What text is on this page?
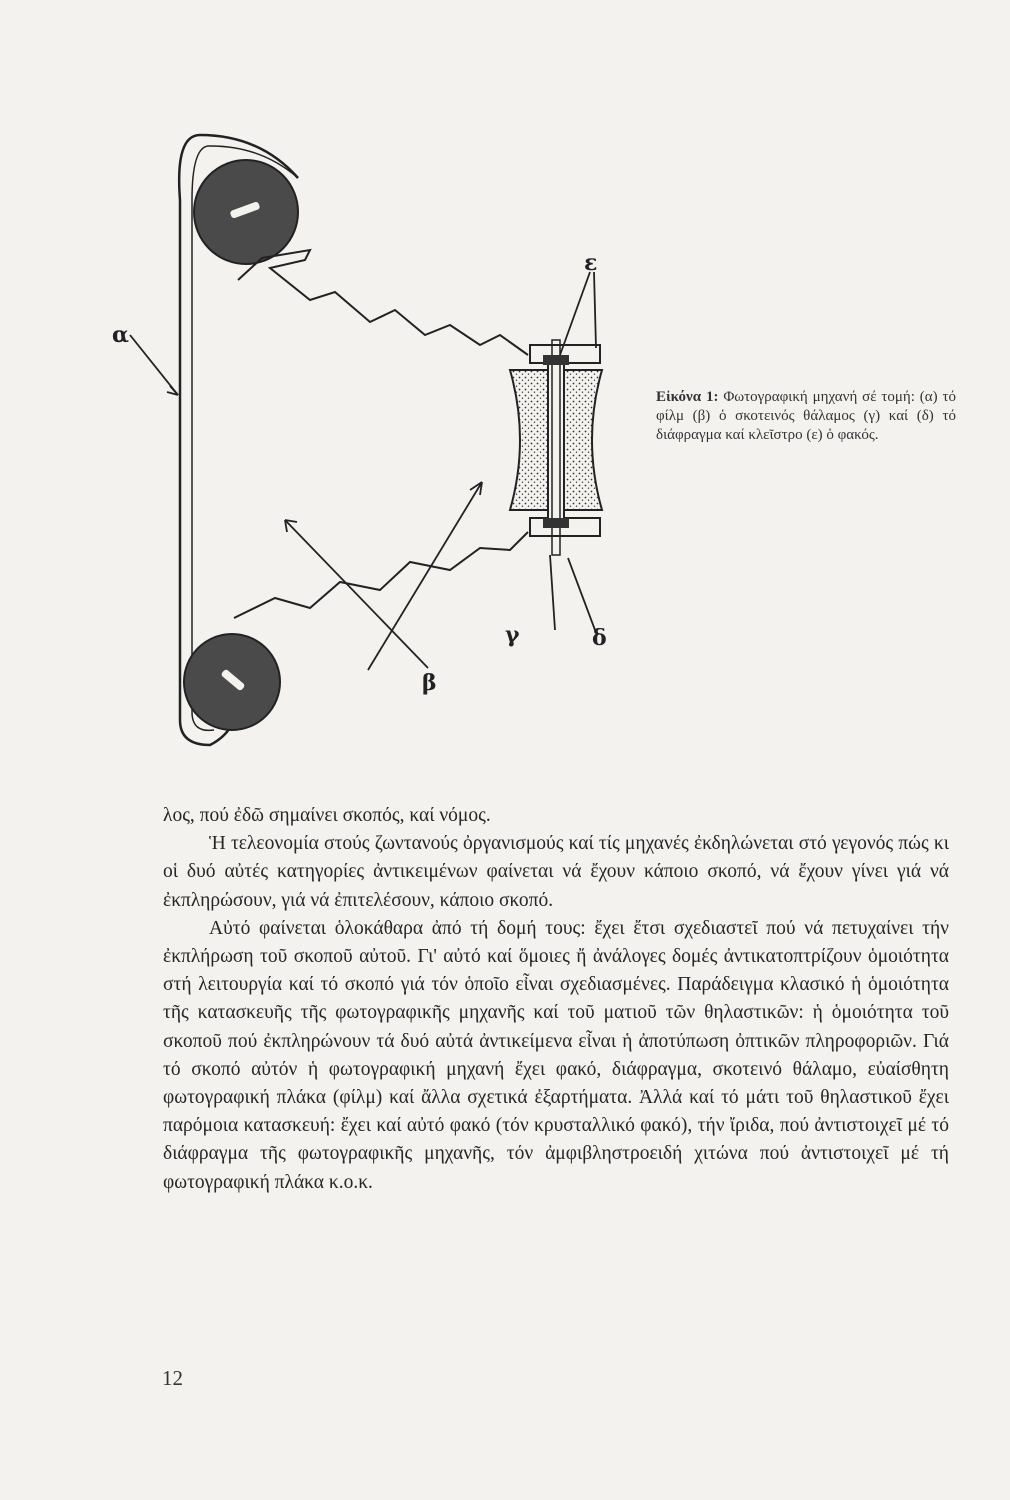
α
ε
β
γ	δ

Εἰκόνα 1: Φωτογραφική μηχανή σέ τομή: (α) τό φίλμ (β) ὁ σκοτεινός θάλαμος (γ) καί (δ) τό διάφραγμα καί κλεῖστρο (ε) ὁ φακός.

λος, πού ἐδῶ σημαίνει σκοπός, καί νόμος.

Ἡ τελεονομία στούς ζωντανούς ὀργανισμούς καί τίς μηχανές ἐκδηλώνεται στό γεγονός πώς κι οἱ δυό αὐτές κατηγορίες ἀντικειμένων φαίνεται νά ἔχουν κάποιο σκοπό, νά ἔχουν γίνει γιά νά ἐκπληρώσουν, γιά νά ἐπιτελέσουν, κάποιο σκοπό.

Αὐτό φαίνεται ὁλοκάθαρα ἀπό τή δομή τους: ἔχει ἔτσι σχεδιαστεῖ πού νά πετυχαίνει τήν ἐκπλήρωση τοῦ σκοποῦ αὐτοῦ. Γι' αὐτό καί ὅμοιες ἤ ἀνάλογες δομές ἀντικατοπτρίζουν ὁμοιότητα στή λειτουργία καί τό σκοπό γιά τόν ὁποῖο εἶναι σχεδιασμένες. Παράδειγμα κλασικό ἡ ὁμοιότητα τῆς κατασκευῆς τῆς φωτογραφικῆς μηχανῆς καί τοῦ ματιοῦ τῶν θηλαστικῶν: ἡ ὁμοιότητα τοῦ σκοποῦ πού ἐκπληρώνουν τά δυό αὐτά ἀντικείμενα εἶναι ἡ ἀποτύπωση ὀπτικῶν πληροφοριῶν. Γιά τό σκοπό αὐτόν ἡ φωτογραφική μηχανή ἔχει φακό, διάφραγμα, σκοτεινό θάλαμο, εὐαίσθητη φωτογραφική πλάκα (φίλμ) καί ἄλλα σχετικά ἐξαρτήματα. Ἀλλά καί τό μάτι τοῦ θηλαστικοῦ ἔχει παρόμοια κατασκευή: ἔχει καί αὐτό φακό (τόν κρυσταλλικό φακό), τήν ἴριδα, πού ἀντιστοιχεῖ μέ τό διάφραγμα τῆς φωτογραφικῆς μηχανῆς, τόν ἀμφιβληστροειδή χιτώνα πού ἀντιστοιχεῖ μέ τή φωτογραφική πλάκα κ.ο.κ.

12
